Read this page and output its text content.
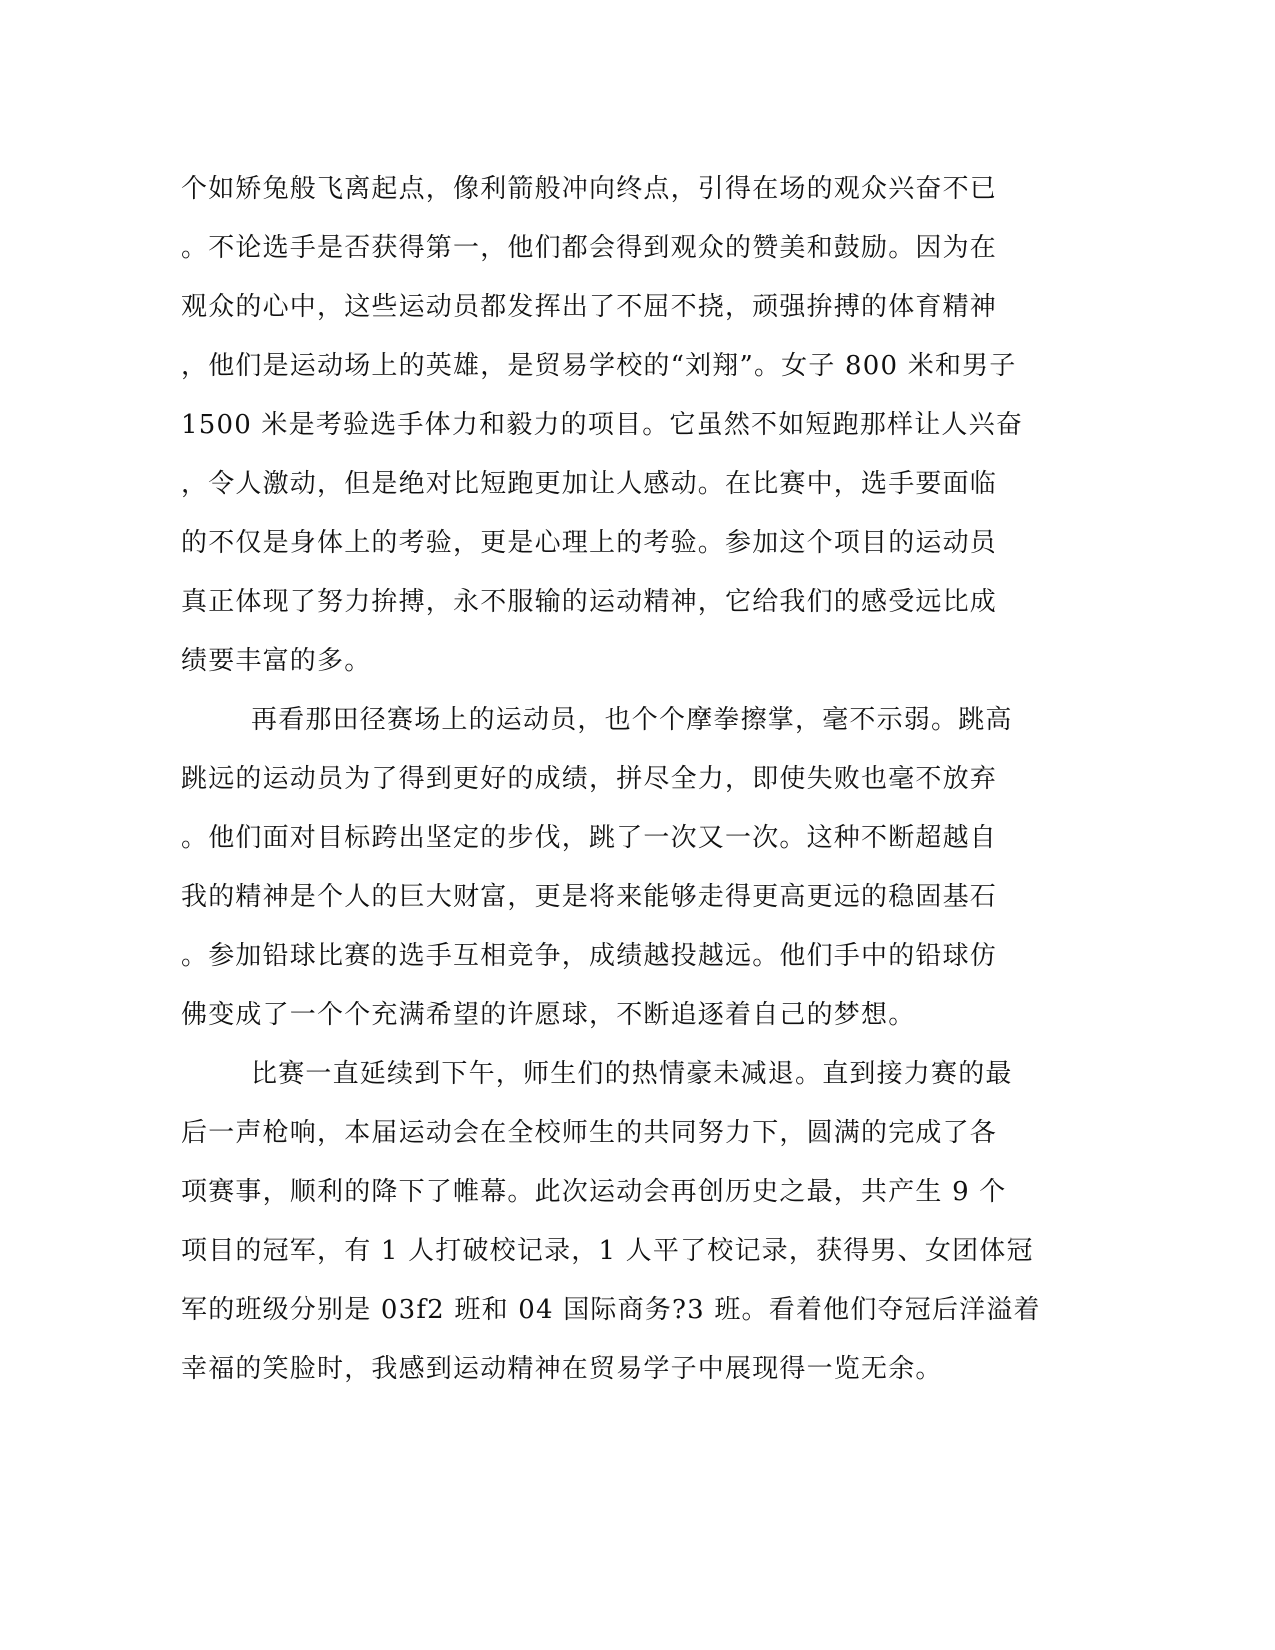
个如矫兔般飞离起点，像利箭般冲向终点，引得在场的观众兴奋不已
。不论选手是否获得第一，他们都会得到观众的赞美和鼓励。因为在
观众的心中，这些运动员都发挥出了不屈不挠，顽强拚搏的体育精神
，他们是运动场上的英雄，是贸易学校的“刘翔”。女子 800 米和男子
1500 米是考验选手体力和毅力的项目。它虽然不如短跑那样让人兴奋
，令人激动，但是绝对比短跑更加让人感动。在比赛中，选手要面临
的不仅是身体上的考验，更是心理上的考验。参加这个项目的运动员
真正体现了努力拚搏，永不服输的运动精神，它给我们的感受远比成
绩要丰富的多。
再看那田径赛场上的运动员，也个个摩拳擦掌，毫不示弱。跳高
跳远的运动员为了得到更好的成绩，拼尽全力，即使失败也毫不放弃
。他们面对目标跨出坚定的步伐，跳了一次又一次。这种不断超越自
我的精神是个人的巨大财富，更是将来能够走得更高更远的稳固基石
。参加铅球比赛的选手互相竞争，成绩越投越远。他们手中的铅球仿
佛变成了一个个充满希望的许愿球，不断追逐着自己的梦想。
比赛一直延续到下午，师生们的热情豪未减退。直到接力赛的最
后一声枪响，本届运动会在全校师生的共同努力下，圆满的完成了各
项赛事，顺利的降下了帷幕。此次运动会再创历史之最，共产生 9 个
项目的冠军，有 1 人打破校记录，1 人平了校记录，获得男、女团体冠
军的班级分别是 03f2 班和 04 国际商务?3 班。看着他们夺冠后洋溢着
幸福的笑脸时，我感到运动精神在贸易学子中展现得一览无余。
